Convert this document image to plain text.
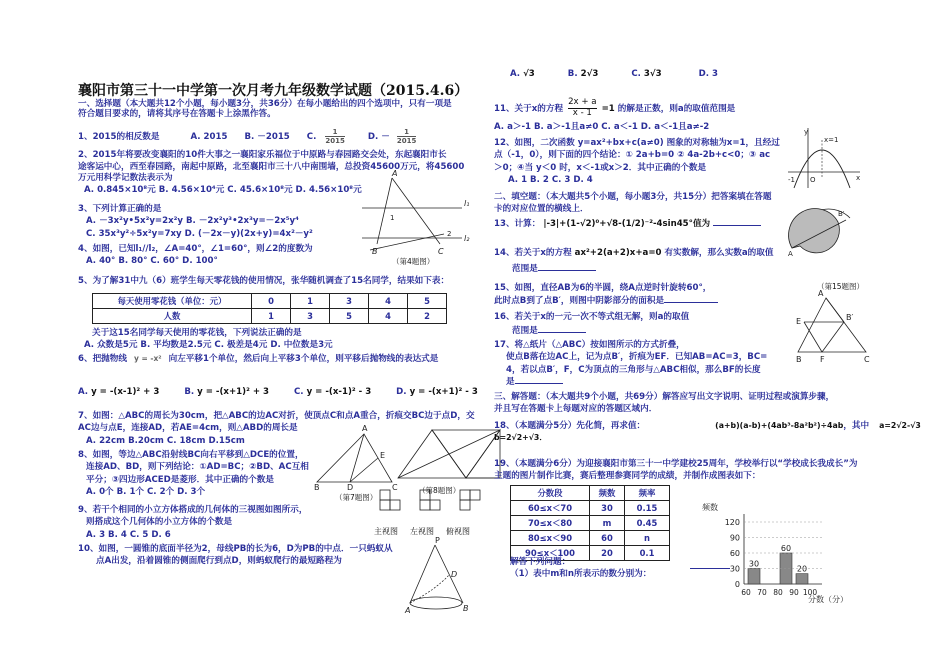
襄阳市第三十一中学第一次月考九年级数学试题（2015.4.6）
一、选择题（本大题共12个小题，每小题3分，共36分）在每小题给出的四个选项中，只有一项是
符合题目要求的，请将其序号在答题卡上涂黑作答。
1、2015的相反数是	A. 2015 B. －2015 C. $\frac{1}{2015}$	D. － $\frac{1}{2015}$
2、2015年将要改变襄阳的10件大事之一襄阳家乐福位于中原路与春园路交会处，东起襄阳市长
途客运中心，西至春园路，南起中原路，北至襄阳市三十八中南围墙，总投资45600万元，将45600
万元用科学记数法表示为
A. 0.845×10⁸元 B. 4.56×10⁴元 C. 45.6×10⁸元 D. 4.56×10⁸元
3、下列计算正确的是
A. －3x²y•5x²y=2x²y B. －2x²y³•2x³y=－2x⁵y⁴
C. 35x³y²÷5x²y=7xy D. (－2x－y)(2x+y)=4x²－y²
4、如图，已知l₁//l₂，∠A=40°，∠1=60°，则∠2的度数为
A. 40° B. 80° C. 60° D. 100°
A
1
2
l₁
l₂
B	C
（第4题图）
5、为了解31中九（6）班学生每天零花钱的使用情况，张华随机调查了15名同学，结果如下表：
每天使用零花钱（单位：元）	0	1	3	4	5
人数	1	3	5	4	2
关于这15名同学每天使用的零花钱，下列说法正确的是
A. 众数是5元 B. 平均数是2.5元 C. 极差是4元 D. 中位数是3元
6、把抛物线 y = -x² 向左平移1个单位，然后向上平移3个单位，则平移后抛物线的表达式是
A. y = -(x-1)² + 3	B. y = -(x+1)² + 3	C. y = -(x-1)² - 3	D. y = -(x+1)² - 3
7、如图：△ABC的周长为30cm，把△ABC的边AC对折，使顶点C和点A重合，折痕交BC边于点D，交
AC边与点E，连接AD，若AE=4cm，则△ABD的周长是
A. 22cm B.20cm C. 18cm D.15cm
8、如图，等边△ABC沿射线BC向右平移到△DCE的位置，
连接AD、BD，则下列结论：①AD=BC；②BD、AC互相
平分；③四边形ACED是菱形．其中正确的个数是
A. 0个 B. 1个 C. 2个 D. 3个
A
E
B	D	C
（第7题图）
（第8题图）
9、若干个相同的小立方体搭成的几何体的三视图如图所示，
则搭成这个几何体的小立方体的个数是
A. 3 B. 4 C. 5 D. 6	主视图 左视图 俯视图
10、如图，一圆锥的底面半径为2，母线PB的长为6，D为PB的中点．一只蚂蚁从
点A出发，沿着圆锥的侧面爬行到点D，则蚂蚁爬行的最短路程为
P
D
A	B
A. √3	B. 2√3	C. 3√3	D. 3
11、关于x的方程 $\frac{2x + a}{x - 1} =1$ 的解是正数，则a的取值范围是
A. a＞-1 B. a＞-1且a≠0 C. a＜-1 D. a＜-1且a≠-2
12、如图，二次函数 y=ax²+bx+c(a≠0) 图象的对称轴为x=1，且经过
点（-1，0），则下面的四个结论：① 2a+b=0 ② 4a-2b+c<0；③ ac
＞0；④当 y＜0 时，x＜-1或x＞2．其中正确的个数是
A. 1 B. 2 C. 3 D. 4
y
x=1
-1 O	x
二、填空题：（本大题共5个小题，每小题3分，共15分）把答案填在答题
卡的对应位置的横线上．
13、计算： |-3|+(1-√2)⁰+√8-(1/2)⁻²-4sin45°值为
14、若关于x的方程 ax²+2(a+2)x+a=0 有实数解，那么实数a的取值
范围是
15、如图，直径AB为6的半圆，绕A点逆时针旋转60°，
此时点B到了点B′，则图中阴影部分的面积是
A
B′
（第15题图）
16、若关于x的一元一次不等式组无解，则a的取值
范围是
17、将△纸片（△ABC）按如图所示的方式折叠，
使点B落在边AC上，记为点B′，折痕为EF．已知AB=AC=3，BC=
4，若以点B′，F，C为顶点的三角形与△ABC相似，那么BF的长度
是
A
B′
E
B F	C
三、解答题：（本大题共9个小题，共69分）解答应写出文字说明、证明过程或演算步骤，
并且写在答题卡上每题对应的答题区域内．
18、（本题满分5分）先化简，再求值：	(a+b)(a-b)+(4ab³-8a²b²)÷4ab，其中 a=2√2-√3
b=2√2+√3．
19、（本题满分6分）为迎接襄阳市第三十一中学建校25周年，学校举行以“学校成长我成长”为
主题的图片制作比赛，赛后整理参赛同学的成绩，并制作成图表如下：
分数段	频数	频率
60≤x＜70	30	0.15
70≤x＜80	m	0.45
80≤x＜90	60	n
90≤x＜100	20	0.1
解答下列问题：
（1）表中m和n所表示的数分别为：
频数
30
60
20
0
30
60
90
120
60 70 80 90 100
分数（分）
